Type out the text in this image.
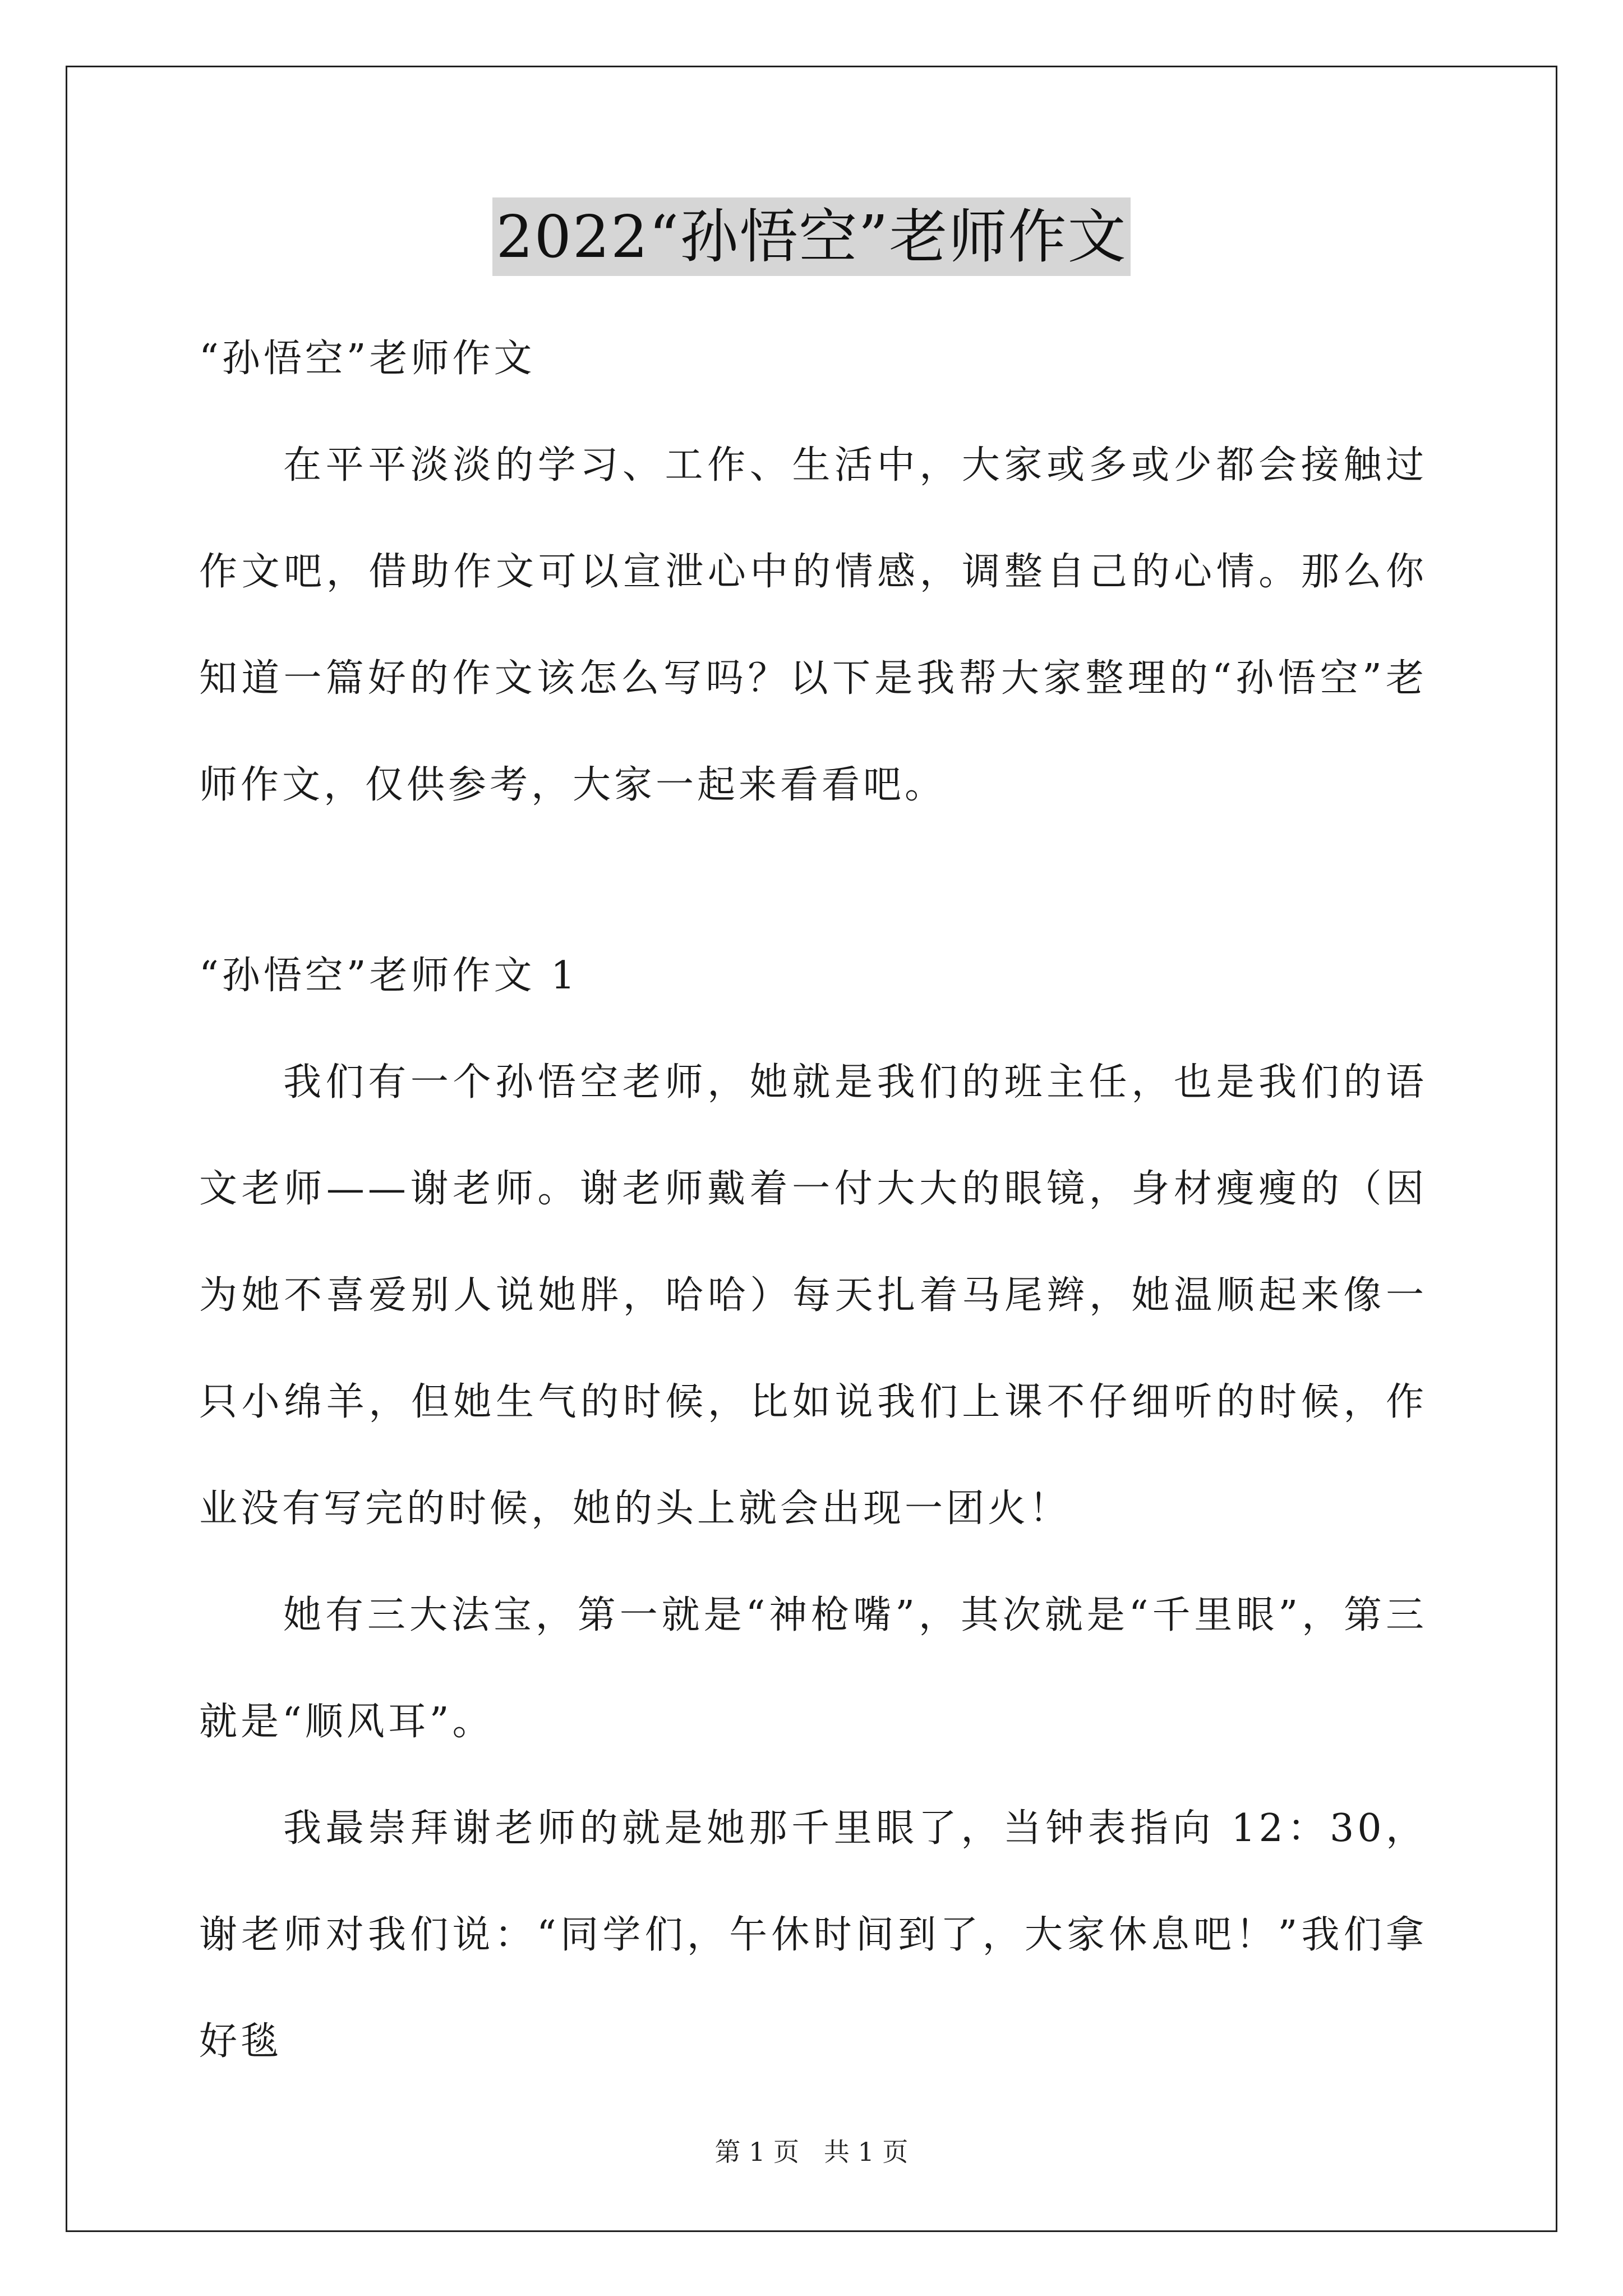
2022“孙悟空”老师作文

“孙悟空”老师作文

在平平淡淡的学习、工作、生活中，大家或多或少都会接触过作文吧，借助作文可以宣泄心中的情感，调整自己的心情。那么你知道一篇好的作文该怎么写吗？以下是我帮大家整理的“孙悟空”老师作文，仅供参考，大家一起来看看吧。

“孙悟空”老师作文 1

我们有一个孙悟空老师，她就是我们的班主任，也是我们的语文老师——谢老师。谢老师戴着一付大大的眼镜，身材瘦瘦的（因为她不喜爱别人说她胖，哈哈）每天扎着马尾辫，她温顺起来像一只小绵羊，但她生气的时候，比如说我们上课不仔细听的时候，作业没有写完的时候，她的头上就会出现一团火！

她有三大法宝，第一就是“神枪嘴”，其次就是“千里眼”，第三就是“顺风耳”。

我最崇拜谢老师的就是她那千里眼了，当钟表指向 12：30，谢老师对我们说：“同学们，午休时间到了，大家休息吧！”我们拿好毯

第 1 页   共 1 页
